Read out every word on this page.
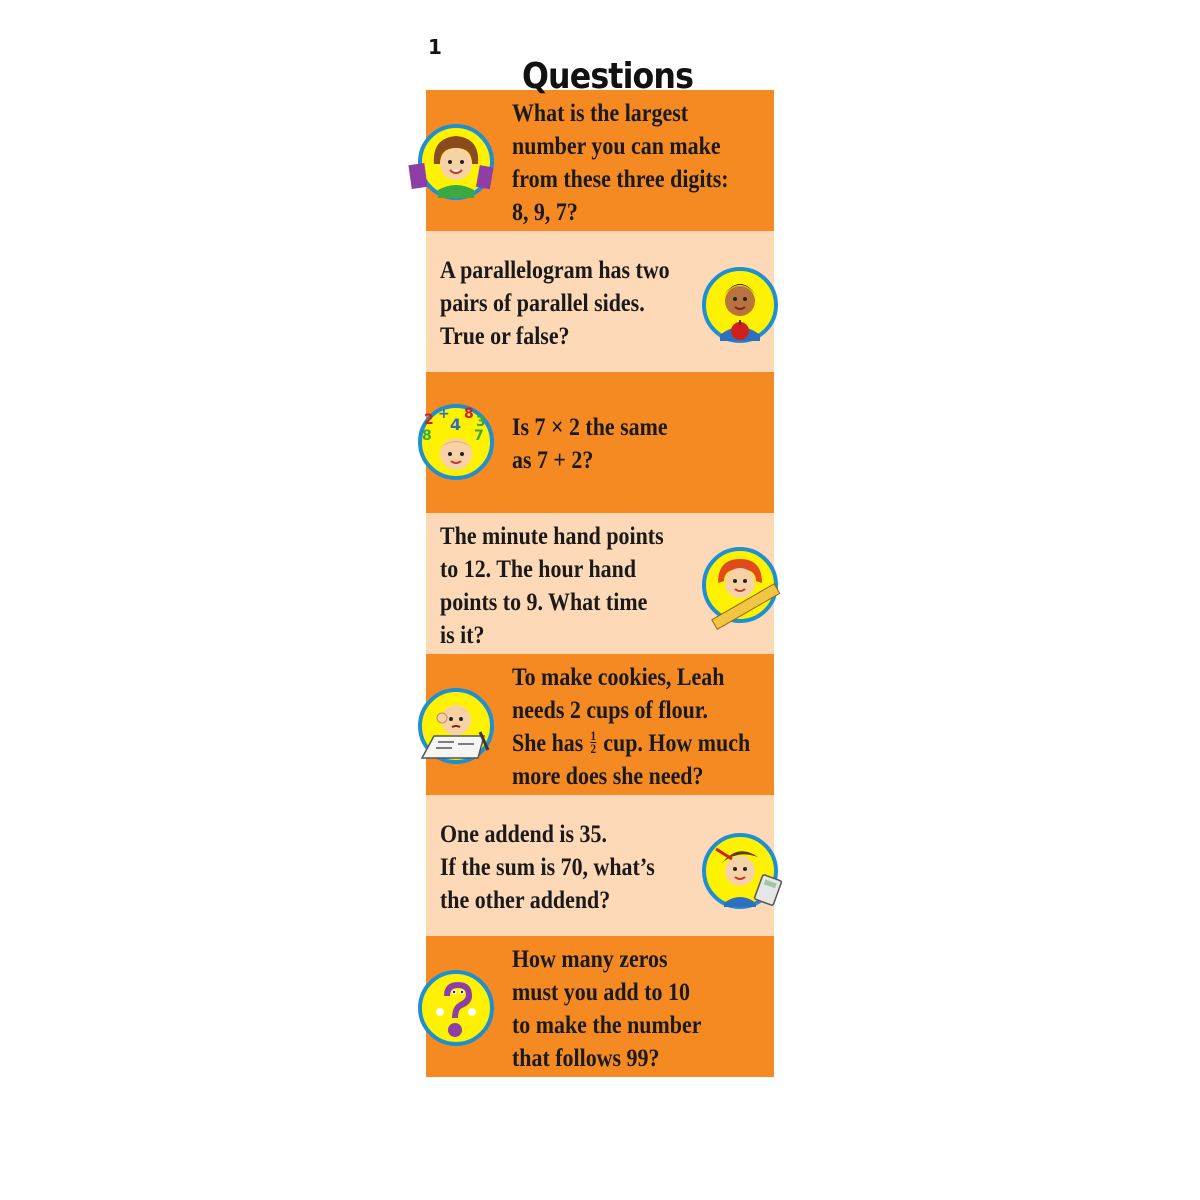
1
Questions
What is the largest
number you can make
from these three digits:
8, 9, 7?
A parallelogram has two
pairs of parallel sides.
True or false?
2 +
4
8 3
8	7 Is 7 × 2 the same
as 7 + 2?
The minute hand points
to 12. The hour hand
points to 9. What time
is it?
To make cookies, Leah
needs 2 cups of flour.
She has $\frac{1}{2}$ cup. How much
more does she need?
One addend is 35.
If the sum is 70, what’s
the other addend?
How many zeros
must you add to 10
to make the number
that follows 99?
